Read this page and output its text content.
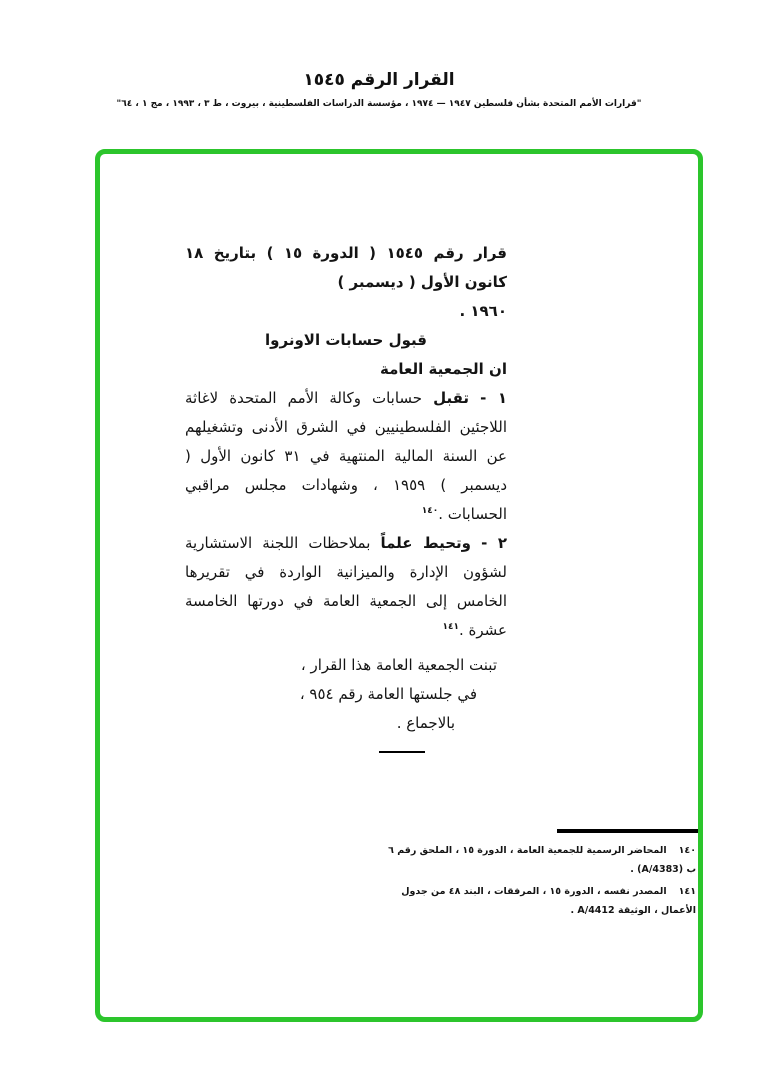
القرار الرقم ١٥٤٥
"قرارات الأمم المتحدة بشأن فلسطين ١٩٤٧ — ١٩٧٤ ، مؤسسة الدراسات الفلسطينية ، بيروت ، ط ٣ ، ١٩٩٣ ، مج ١ ، ٦٤"

قرار رقم ١٥٤٥ ( الدورة ١٥ ) بتاريخ ١٨ كانون الأول ( ديسمبر )

١٩٦٠ .

قبول حسابات الاونروا

ان الجمعية العامة

١ - تقبل حسابات وكالة الأمم المتحدة لاغاثة اللاجئين الفلسطينيين في الشرق الأدنى وتشغيلهم عن السنة المالية المنتهية في ٣١ كانون الأول ( ديسمبر ) ١٩٥٩ ، وشهادات مجلس مراقبي الحسابات .$^{١٤٠}$

٢ - وتحيط علماً بملاحظات اللجنة الاستشارية لشؤون الإدارة والميزانية الواردة في تقريرها الخامس إلى الجمعية العامة في دورتها الخامسة عشرة .$^{١٤١}$

تبنت الجمعية العامة هذا القرار ،

في جلستها العامة رقم ٩٥٤ ،

بالاجماع .

١٤٠المحاضر الرسمية للجمعية العامة ، الدورة ١٥ ، الملحق رقم ٦ ب (A/4383) .
١٤١المصدر نفسه ، الدورة ١٥ ، المرفقات ، البند ٤٨ من جدول الأعمال ، الوثيقة A/4412 .
